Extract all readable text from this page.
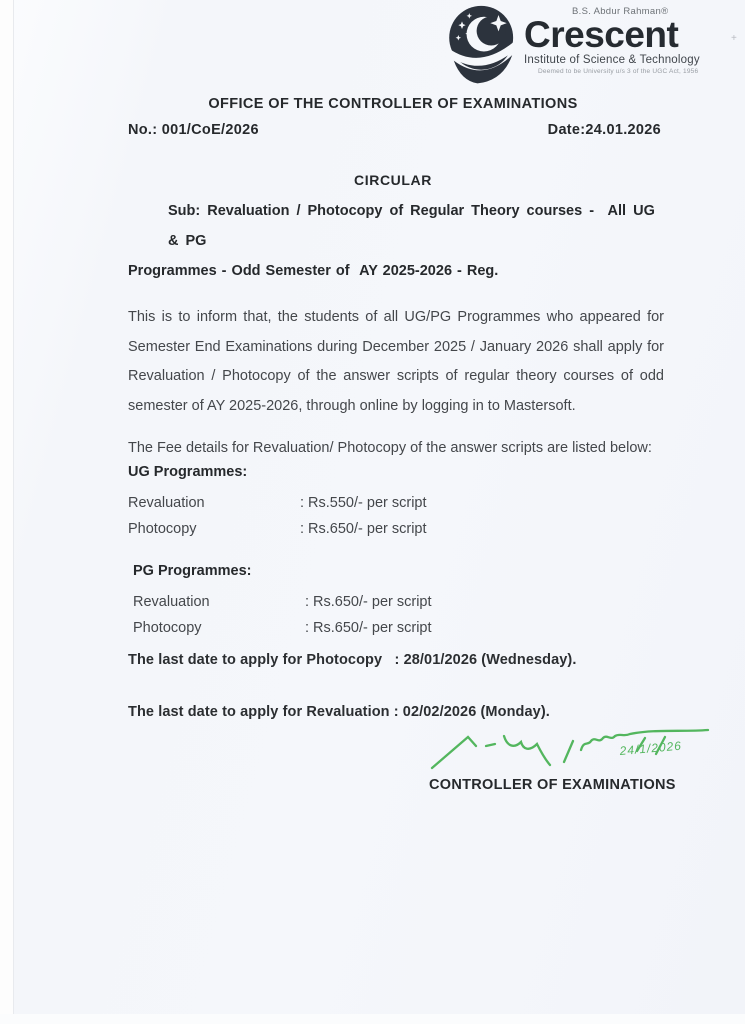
+
B.S. Abdur Rahman®
Crescent
Institute of Science & Technology
Deemed to be University u/s 3 of the UGC Act, 1956
OFFICE OF THE CONTROLLER OF EXAMINATIONS
No.: 001/CoE/2026	Date:24.01.2026
CIRCULAR
Sub: Revaluation / Photocopy of Regular Theory courses -  All UG  & PG
Programmes - Odd Semester of  AY 2025-2026 - Reg.
This is to inform that, the students of all UG/PG Programmes who appeared for Semester End Examinations during December 2025 / January 2026 shall apply for Revaluation / Photocopy of the answer scripts of regular theory courses of odd semester of AY 2025-2026, through online by logging in to Mastersoft.
The Fee details for Revaluation/ Photocopy of the answer scripts are listed below:
UG Programmes:
Revaluation	: Rs.550/- per script
Photocopy	: Rs.650/- per script
PG Programmes:
Revaluation	: Rs.650/- per script
Photocopy	: Rs.650/- per script
The last date to apply for Photocopy   : 28/01/2026 (Wednesday).
The last date to apply for Revaluation : 02/02/2026 (Monday).
24/1/2026
CONTROLLER OF EXAMINATIONS
